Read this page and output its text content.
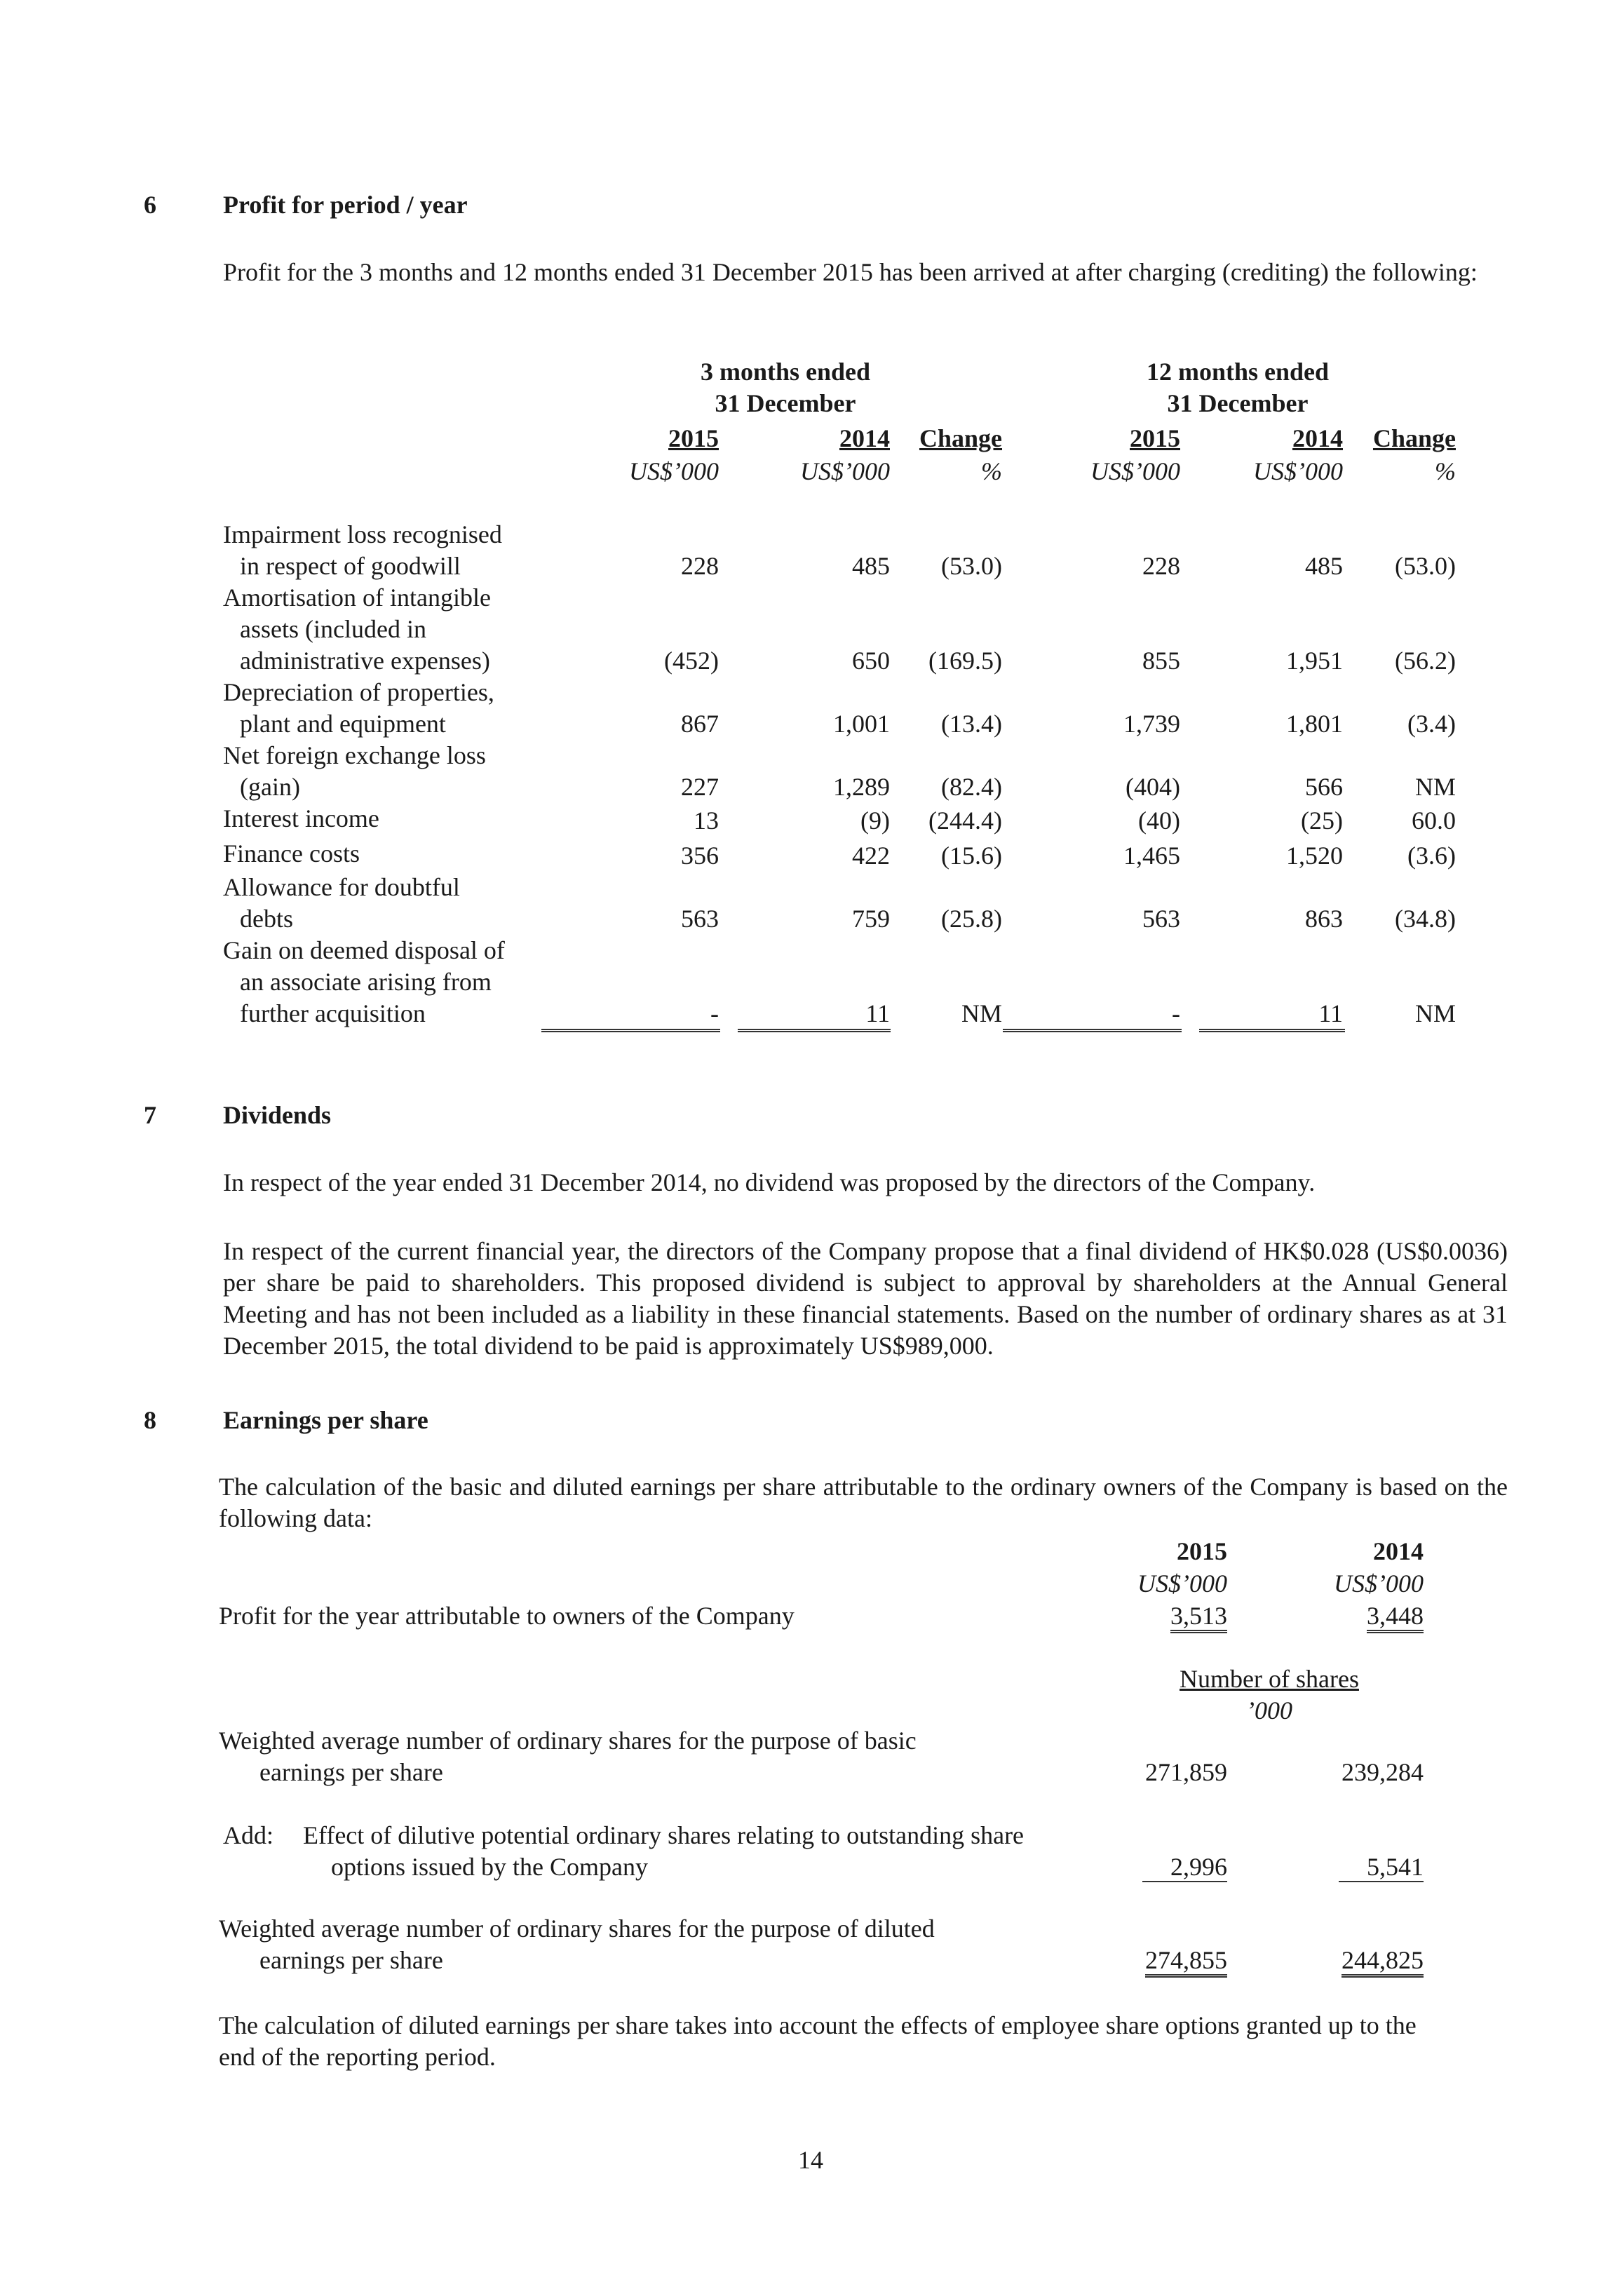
6	Profit for period / year
Profit for the 3 months and 12 months ended 31 December 2015 has been arrived at after charging (crediting) the following:
3 months ended
31 December
12 months ended
31 December
2015	2014 Change	2015	2014 Change
US$’000	US$’000	%	US$’000	US$’000	%
Impairment loss recognised
in respect of goodwill	228	485 (53.0)	228	485 (53.0)
Amortisation of intangible
assets (included in
administrative expenses)	(452)	650 (169.5)	855	1,951 (56.2)
Depreciation of properties,
plant and equipment	867	1,001 (13.4)	1,739	1,801	(3.4)
Net foreign exchange loss
(gain)	227	1,289 (82.4)	(404)	566	NM
Interest income	13	(9) (244.4)	(40)	(25)	60.0
Finance costs	356	422 (15.6)	1,465	1,520	(3.6)
Allowance for doubtful
debts	563	759 (25.8)	563	863 (34.8)
Gain on deemed disposal of
an associate arising from
further acquisition	-	11	NM	-	11	NM
7	Dividends
In respect of the year ended 31 December 2014, no dividend was proposed by the directors of the Company.
In respect of the current financial year, the directors of the Company propose that a final dividend of HK$0.028 (US$0.0036) per share be paid to shareholders. This proposed dividend is subject to approval by shareholders at the Annual General Meeting and has not been included as a liability in these financial statements. Based on the number of ordinary shares as at 31 December 2015, the total dividend to be paid is approximately US$989,000.
8	Earnings per share
The calculation of the basic and diluted earnings per share attributable to the ordinary owners of the Company is based on the following data:
2015	2014
US$’000	US$’000
Profit for the year attributable to owners of the Company	3,513	3,448
Number of shares
’000
Weighted average number of ordinary shares for the purpose of basic
earnings per share	271,859	239,284
Add: Effect of dilutive potential ordinary shares relating to outstanding share
options issued by the Company	2,996	5,541
Weighted average number of ordinary shares for the purpose of diluted
earnings per share	274,855	244,825
The calculation of diluted earnings per share takes into account the effects of employee share options granted up to the end of the reporting period.
14
